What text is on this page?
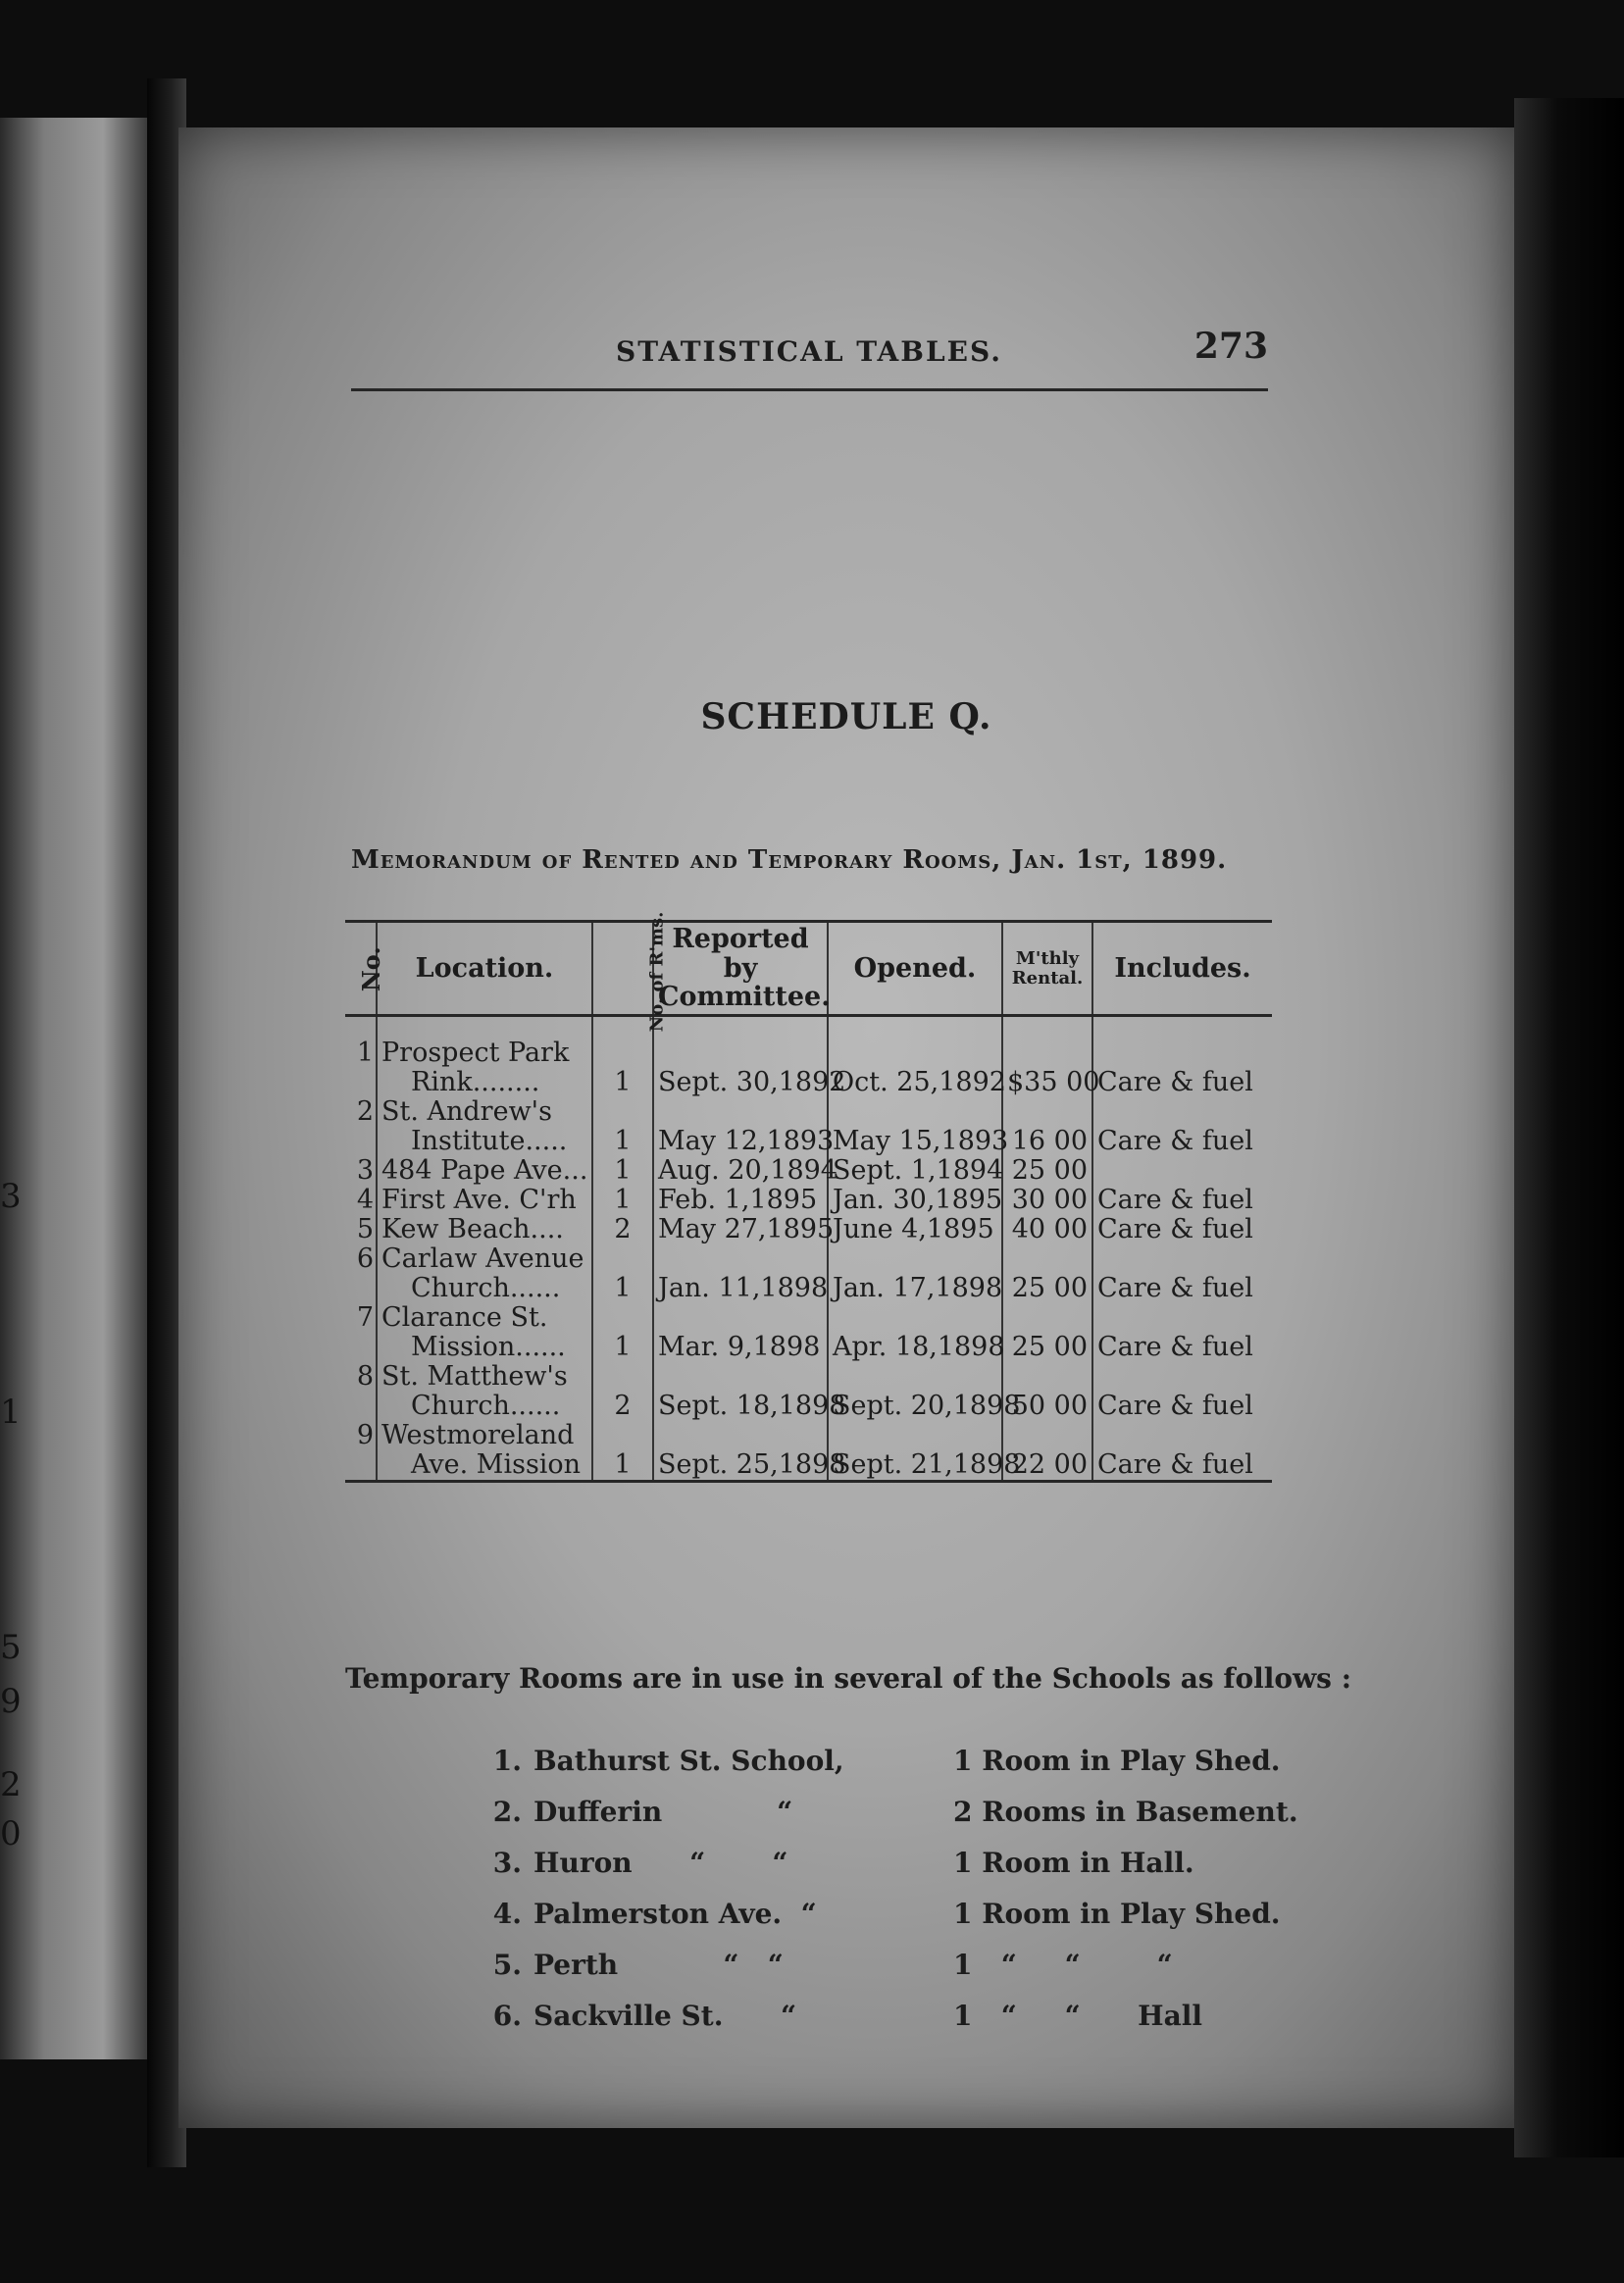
3
1
5
9
2
0
STATISTICAL TABLES.	273
SCHEDULE Q.
Memorandum of Rented and Temporary Rooms, Jan. 1st, 1899.
No.	Location.	No. of R'ms.	Reported by Committee.	Opened.	M'thly Rental.	Includes.

1	Prospect Park					
	Rink........	1	Sept. 30,1892	Oct. 25,1892	$35 00	Care & fuel
2	St. Andrew's					
	Institute.....	1	May 12,1893	May 15,1893	16 00	Care & fuel
3	484 Pape Ave...	1	Aug. 20,1894	Sept. 1,1894	25 00	
4	First Ave. C'rh	1	Feb. 1,1895	Jan. 30,1895	30 00	Care & fuel
5	Kew Beach....	2	May 27,1895	June 4,1895	40 00	Care & fuel
6	Carlaw Avenue					
	Church......	1	Jan. 11,1898	Jan. 17,1898	25 00	Care & fuel
7	Clarance St.					
	Mission......	1	Mar. 9,1898	Apr. 18,1898	25 00	Care & fuel
8	St. Matthew's					
	Church......	2	Sept. 18,1898	Sept. 20,1898	50 00	Care & fuel
9	Westmoreland					
	Ave. Mission	1	Sept. 25,1898	Sept. 21,1898	22 00	Care & fuel
Temporary Rooms are in use in several of the Schools as follows :
1. Bathurst St. School,	1 Room in Play Shed.
2. Dufferin            “	2 Rooms in Basement.
3. Huron      “       “	1 Room in Hall.
4. Palmerston Ave.  “	1 Room in Play Shed.
5. Perth           “   “	1   “     “        “
6. Sackville St.      “	1   “     “      Hall
